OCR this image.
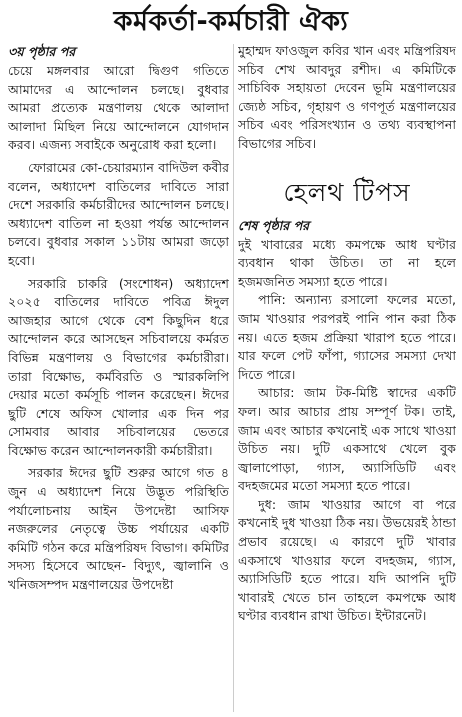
কর্মকর্তা-কর্মচারী ঐক্য
৩য় পৃষ্ঠার পর

চেয়ে মঙ্গলবার আরো দ্বিগুণ গতিতে আমাদের এ আন্দোলন চলছে। বুধবার আমরা প্রত্যেক মন্ত্রণালয় থেকে আলাদা আলাদা মিছিল নিয়ে আন্দোলনে যোগদান করব। এজন্য সবাইকে অনুরোধ করা হলো।

ফোরামের কো-চেয়ারম্যান বাদিউল কবীর বলেন, অধ্যাদেশ বাতিলের দাবিতে সারা দেশে সরকারি কর্মচারীদের আন্দোলন চলছে। অধ্যাদেশ বাতিল না হওয়া পর্যন্ত আন্দোলন চলবে। বুধবার সকাল ১১টায় আমরা জড়ো হবো।

সরকারি চাকরি (সংশোধন) অধ্যাদেশ ২০২৫ বাতিলের দাবিতে পবিত্র ঈদুল আজহার আগে থেকে বেশ কিছুদিন ধরে আন্দোলন করে আসছেন সচিবালয়ে কর্মরত বিভিন্ন মন্ত্রণালয় ও বিভাগের কর্মচারীরা। তারা বিক্ষোভ, কর্মবিরতি ও স্মারকলিপি দেয়ার মতো কর্মসূচি পালন করেছেন। ঈদের ছুটি শেষে অফিস খোলার এক দিন পর সোমবার আবার সচিবালয়ের ভেতরে বিক্ষোভ করেন আন্দোলনকারী কর্মচারীরা।

সরকার ঈদের ছুটি শুরুর আগে গত ৪ জুন এ অধ্যাদেশ নিয়ে উদ্ভূত পরিস্থিতি পর্যালোচনায় আইন উপদেষ্টা আসিফ নজরুলের নেতৃত্বে উচ্চ পর্যায়ের একটি কমিটি গঠন করে মন্ত্রিপরিষদ বিভাগ। কমিটির সদস্য হিসেবে আছেন- বিদ্যুৎ, জ্বালানি ও খনিজসম্পদ মন্ত্রণালয়ের উপদেষ্টা

মুহাম্মদ ফাওজুল কবির খান এবং মন্ত্রিপরিষদ সচিব শেখ আবদুর রশীদ। এ কমিটিকে সাচিবিক সহায়তা দেবেন ভূমি মন্ত্রণালয়ের জ্যেষ্ঠ সচিব, গৃহায়ণ ও গণপূর্ত মন্ত্রণালয়ের সচিব এবং পরিসংখ্যান ও তথ্য ব্যবস্থাপনা বিভাগের সচিব।

হেলথ টিপস
শেষ পৃষ্ঠার পর

দুই খাবারের মধ্যে কমপক্ষে আধ ঘণ্টার ব্যবধান থাকা উচিত। তা না হলে হজমজনিত সমস্যা হতে পারে।

পানি: অন্যান্য রসালো ফলের মতো, জাম খাওয়ার পরপরই পানি পান করা ঠিক নয়। এতে হজম প্রক্রিয়া খারাপ হতে পারে। যার ফলে পেট ফাঁপা, গ্যাসের সমস্যা দেখা দিতে পারে।

আচার: জাম টক-মিষ্টি স্বাদের একটি ফল। আর আচার প্রায় সম্পূর্ণ টক। তাই, জাম এবং আচার কখনোই এক সাথে খাওয়া উচিত নয়। দুটি একসাথে খেলে বুক জ্বালাপোড়া, গ্যাস, অ্যাসিডিটি এবং বদহজমের মতো সমস্যা হতে পারে।

দুধ: জাম খাওয়ার আগে বা পরে কখনোই দুধ খাওয়া ঠিক নয়। উভয়েরই ঠান্ডা প্রভাব রয়েছে। এ কারণে দুটি খাবার একসাথে খাওয়ার ফলে বদহজম, গ্যাস, অ্যাসিডিটি হতে পারে। যদি আপনি দুটি খাবারই খেতে চান তাহলে কমপক্ষে আধ ঘণ্টার ব্যবধান রাখা উচিত। ইন্টারনেট।
